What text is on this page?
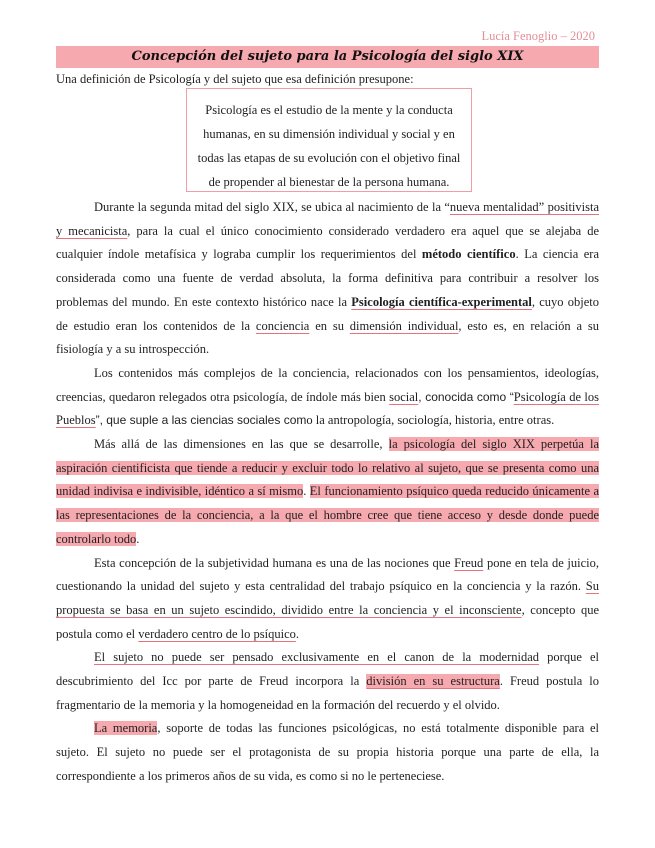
Lucía Fenoglio – 2020
Concepción del sujeto para la Psicología del siglo XIX
Una definición de Psicología y del sujeto que esa definición presupone:
Psicología es el estudio de la mente y la conducta humanas, en su dimensión individual y social y en todas las etapas de su evolución con el objetivo final de propender al bienestar de la persona humana.

Durante la segunda mitad del siglo XIX, se ubica al nacimiento de la “nueva mentalidad” positivista y mecanicista, para la cual el único conocimiento considerado verdadero era aquel que se alejaba de cualquier índole metafísica y lograba cumplir los requerimientos del método científico. La ciencia era considerada como una fuente de verdad absoluta, la forma definitiva para contribuir a resolver los problemas del mundo. En este contexto histórico nace la Psicología científica-experimental, cuyo objeto de estudio eran los contenidos de la conciencia en su dimensión individual, esto es, en relación a su fisiología y a su introspección.

Los contenidos más complejos de la conciencia, relacionados con los pensamientos, ideologías, creencias, quedaron relegados otra psicología, de índole más bien social, conocida como “Psicología de los Pueblos”, que suple a las ciencias sociales como la antropología, sociología, historia, entre otras.

Más allá de las dimensiones en las que se desarrolle, la psicología del siglo XIX perpetúa la aspiración cientificista que tiende a reducir y excluir todo lo relativo al sujeto, que se presenta como una unidad indivisa e indivisible, idéntico a sí mismo. El funcionamiento psíquico queda reducido únicamente a las representaciones de la conciencia, a la que el hombre cree que tiene acceso y desde donde puede controlarlo todo.

Esta concepción de la subjetividad humana es una de las nociones que Freud pone en tela de juicio, cuestionando la unidad del sujeto y esta centralidad del trabajo psíquico en la conciencia y la razón. Su propuesta se basa en un sujeto escindido, dividido entre la conciencia y el inconsciente, concepto que postula como el verdadero centro de lo psíquico.

El sujeto no puede ser pensado exclusivamente en el canon de la modernidad porque el descubrimiento del Icc por parte de Freud incorpora la división en su estructura. Freud postula lo fragmentario de la memoria y la homogeneidad en la formación del recuerdo y el olvido.

La memoria, soporte de todas las funciones psicológicas, no está totalmente disponible para el sujeto. El sujeto no puede ser el protagonista de su propia historia porque una parte de ella, la correspondiente a los primeros años de su vida, es como si no le perteneciese.
